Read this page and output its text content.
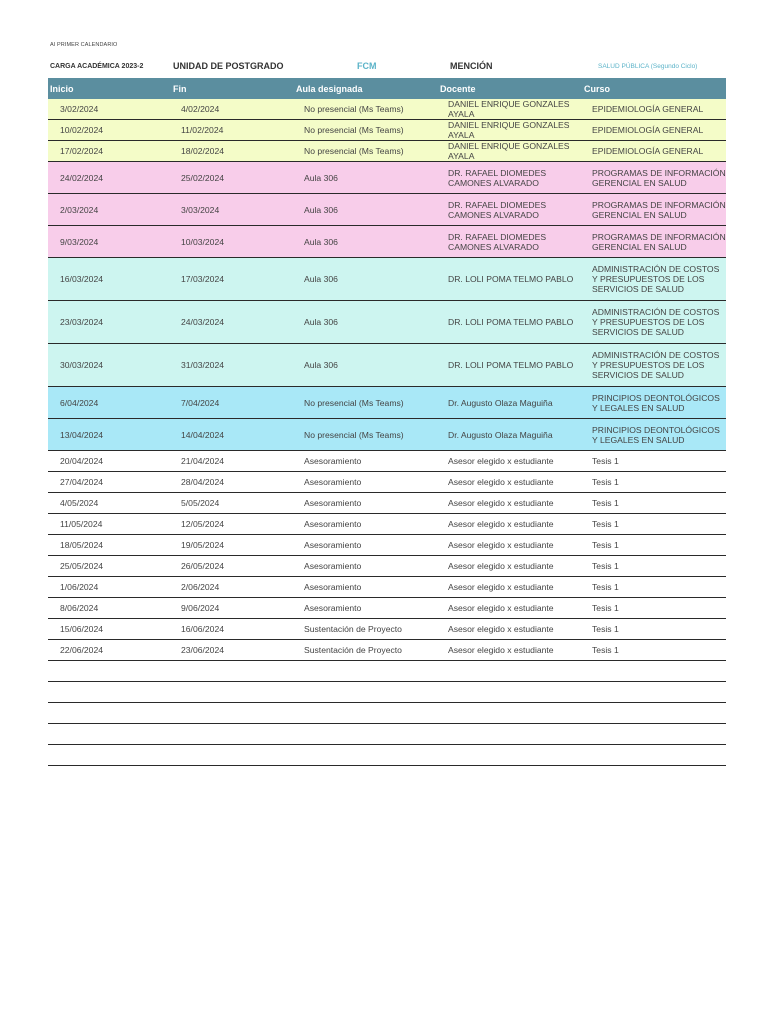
AI PRIMER CALENDARIO
CARGA ACADÉMICA 2023-2	UNIDAD DE POSTGRADO	FCM	MENCIÓN	SALUD PÚBLICA (Segundo Ciclo)
Inicio	Fin	Aula designada	Docente	Curso
3/02/2024	4/02/2024	No presencial (Ms Teams)	DANIEL ENRIQUE GONZALES AYALA	EPIDEMIOLOGÍA GENERAL
10/02/2024	11/02/2024	No presencial (Ms Teams)	DANIEL ENRIQUE GONZALES AYALA	EPIDEMIOLOGÍA GENERAL
17/02/2024	18/02/2024	No presencial (Ms Teams)	DANIEL ENRIQUE GONZALES AYALA	EPIDEMIOLOGÍA GENERAL
24/02/2024	25/02/2024	Aula 306	DR. RAFAEL DIOMEDES CAMONES ALVARADO	PROGRAMAS DE INFORMACIÓN GERENCIAL EN SALUD
2/03/2024	3/03/2024	Aula 306	DR. RAFAEL DIOMEDES CAMONES ALVARADO	PROGRAMAS DE INFORMACIÓN GERENCIAL EN SALUD
9/03/2024	10/03/2024	Aula 306	DR. RAFAEL DIOMEDES CAMONES ALVARADO	PROGRAMAS DE INFORMACIÓN GERENCIAL EN SALUD
16/03/2024	17/03/2024	Aula 306	DR. LOLI POMA TELMO PABLO	ADMINISTRACIÓN DE COSTOS Y PRESUPUESTOS DE LOS SERVICIOS DE SALUD
23/03/2024	24/03/2024	Aula 306	DR. LOLI POMA TELMO PABLO	ADMINISTRACIÓN DE COSTOS Y PRESUPUESTOS DE LOS SERVICIOS DE SALUD
30/03/2024	31/03/2024	Aula 306	DR. LOLI POMA TELMO PABLO	ADMINISTRACIÓN DE COSTOS Y PRESUPUESTOS DE LOS SERVICIOS DE SALUD
6/04/2024	7/04/2024	No presencial (Ms Teams)	Dr. Augusto Olaza Maguiña	PRINCIPIOS DEONTOLÓGICOS Y LEGALES EN SALUD
13/04/2024	14/04/2024	No presencial (Ms Teams)	Dr. Augusto Olaza Maguiña	PRINCIPIOS DEONTOLÓGICOS Y LEGALES EN SALUD
20/04/2024	21/04/2024	Asesoramiento	Asesor elegido x estudiante	Tesis 1
27/04/2024	28/04/2024	Asesoramiento	Asesor elegido x estudiante	Tesis 1
4/05/2024	5/05/2024	Asesoramiento	Asesor elegido x estudiante	Tesis 1
11/05/2024	12/05/2024	Asesoramiento	Asesor elegido x estudiante	Tesis 1
18/05/2024	19/05/2024	Asesoramiento	Asesor elegido x estudiante	Tesis 1
25/05/2024	26/05/2024	Asesoramiento	Asesor elegido x estudiante	Tesis 1
1/06/2024	2/06/2024	Asesoramiento	Asesor elegido x estudiante	Tesis 1
8/06/2024	9/06/2024	Asesoramiento	Asesor elegido x estudiante	Tesis 1
15/06/2024	16/06/2024	Sustentación de Proyecto	Asesor elegido x estudiante	Tesis 1
22/06/2024	23/06/2024	Sustentación de Proyecto	Asesor elegido x estudiante	Tesis 1
